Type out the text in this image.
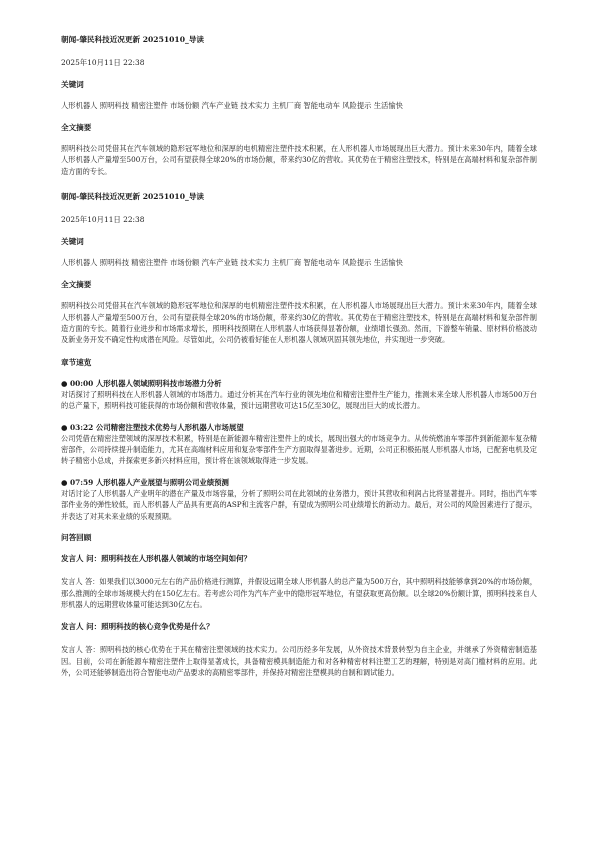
朝闻-肇民科技近况更新 20251010_导读
2025年10月11日 22:38
关键词
人形机器人 照明科技 精密注塑件 市场份额 汽车产业链 技术实力 主机厂商 智能电动车 风险提示 生活愉快
全文摘要
照明科技公司凭借其在汽车领域的隐形冠军地位和深厚的电机精密注塑件技术积累，在人形机器人市场展现出巨大潜力。预计未来30年内，随着全球人形机器人产量增至500万台，公司有望获得全球20%的市场份额，带来约30亿的营收。其优势在于精密注塑技术，特别是在高端材料和复杂部件制造方面的专长。
朝闻-肇民科技近况更新 20251010_导读
2025年10月11日 22:38
关键词
人形机器人 照明科技 精密注塑件 市场份额 汽车产业链 技术实力 主机厂商 智能电动车 风险提示 生活愉快
全文摘要
照明科技公司凭借其在汽车领域的隐形冠军地位和深厚的电机精密注塑件技术积累，在人形机器人市场展现出巨大潜力。预计未来30年内，随着全球人形机器人产量增至500万台，公司有望获得全球20%的市场份额，带来约30亿的营收。其优势在于精密注塑技术，特别是在高端材料和复杂部件制造方面的专长。随着行业进步和市场需求增长，照明科技预期在人形机器人市场获得显著份额，业绩增长强劲。然而，下游整车销量、原材料价格波动及新业务开发不确定性构成潜在风险。尽管如此，公司仍被看好能在人形机器人领域巩固其领先地位，并实现进一步突破。
章节速览
● 00:00 人形机器人领域照明科技市场潜力分析
对话探讨了照明科技在人形机器人领域的市场潜力。通过分析其在汽车行业的领先地位和精密注塑件生产能力，推测未来全球人形机器人市场500万台的总产量下，照明科技可能获得的市场份额和营收体量，预计远期营收可达15亿至30亿，展现出巨大的成长潜力。
● 03:22 公司精密注塑技术优势与人形机器人市场展望
公司凭借在精密注塑领域的深厚技术积累，特别是在新能源车精密注塑件上的成长，展现出强大的市场竞争力。从传统燃油车零部件到新能源车复杂精密部件，公司持续提升制造能力，尤其在高端材料应用和复杂零部件生产方面取得显著进步。近期，公司正积极拓展人形机器人市场，已配套电机及定转子精密小总成，并探索更多新兴材料应用，预计将在该领域取得进一步发展。
● 07:59 人形机器人产业展望与照明公司业绩预测
对话讨论了人形机器人产业明年的潜在产量及市场容量，分析了照明公司在此领域的业务潜力，预计其营收和利润占比将显著提升。同时，指出汽车零部件业务的弹性较低，而人形机器人产品具有更高的ASP和主流客户群，有望成为照明公司业绩增长的新动力。最后，对公司的风险因素进行了提示，并表达了对其未来业绩的乐观预期。
问答回顾
发言人 问：照明科技在人形机器人领域的市场空间如何？
发言人 答：如果我们以3000元左右的产品价格进行测算，并假设远期全球人形机器人的总产量为500万台，其中照明科技能够拿到20%的市场份额，那么推测的全球市场规模大约在150亿左右。若考虑公司作为汽车产业中的隐形冠军地位，有望获取更高份额。以全球20%份额计算，照明科技来自人形机器人的远期营收体量可能达到30亿左右。
发言人 问：照明科技的核心竞争优势是什么？
发言人 答：照明科技的核心优势在于其在精密注塑领域的技术实力。公司历经多年发展，从外资技术背景转型为自主企业，并继承了外资精密制造基因。目前，公司在新能源车精密注塑件上取得显著成长，具备精密模具制造能力和对各种精密材料注塑工艺的理解，特别是对高门槛材料的应用。此外，公司还能够制造出符合智能电动产品要求的高精密零部件，并保持对精密注塑模具的自制和调试能力。
